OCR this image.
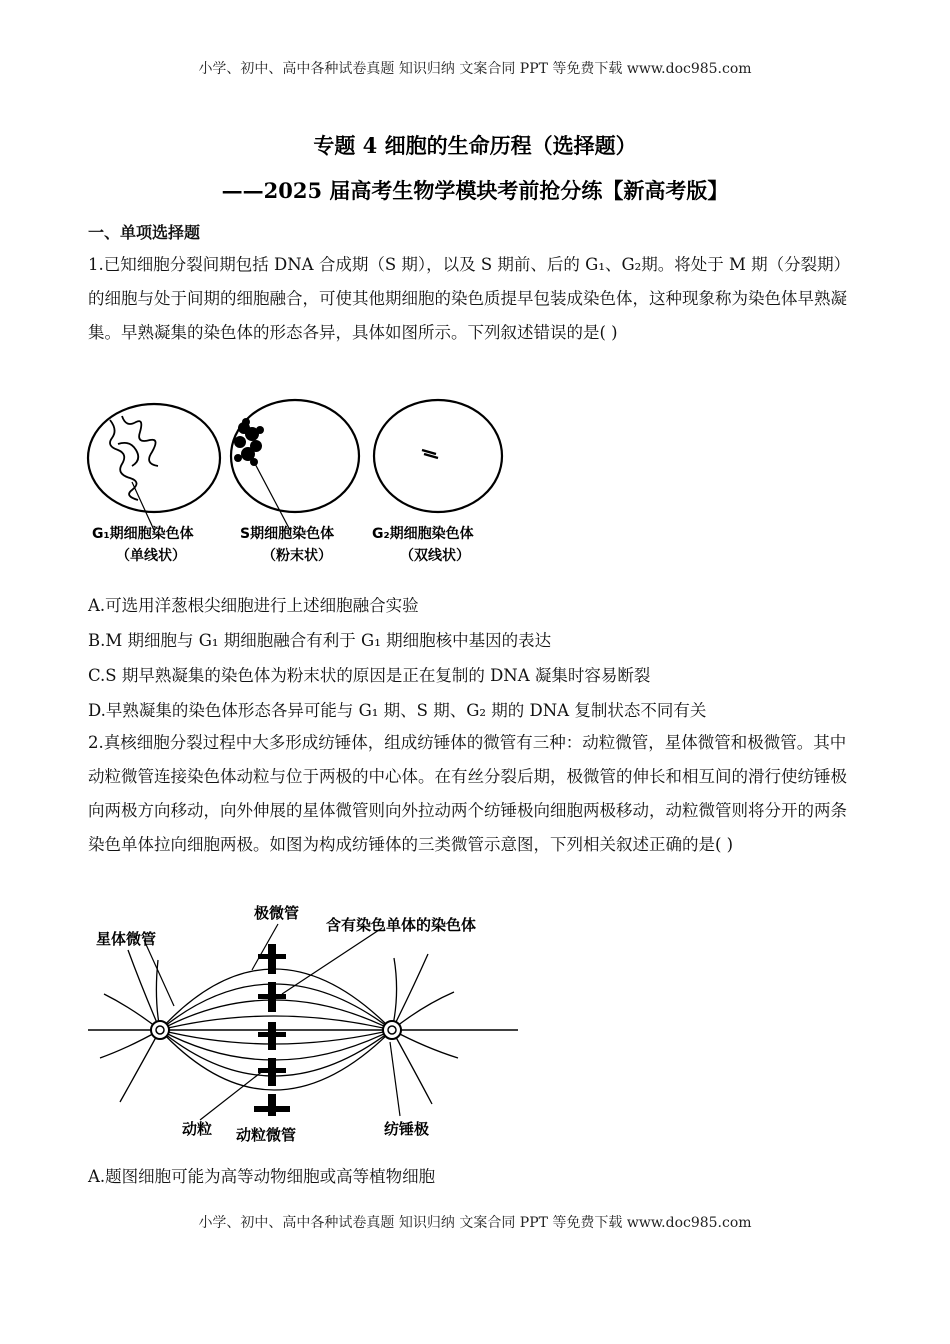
小学、初中、高中各种试卷真题 知识归纳 文案合同 PPT 等免费下载 www.doc985.com
专题 4 细胞的生命历程（选择题）
——2025 届高考生物学模块考前抢分练【新高考版】
一、单项选择题

1.已知细胞分裂间期包括 DNA 合成期（S 期），以及 S 期前、后的 G₁、G₂期。将处于 M 期（分裂期）的细胞与处于间期的细胞融合，可使其他期细胞的染色质提早包装成染色体，这种现象称为染色体早熟凝集。早熟凝集的染色体的形态各异，具体如图所示。下列叙述错误的是( )

G₁期细胞染色体
（单线状）
S期细胞染色体
（粉末状）
G₂期细胞染色体
（双线状）
A.可选用洋葱根尖细胞进行上述细胞融合实验
B.M 期细胞与 G₁ 期细胞融合有利于 G₁ 期细胞核中基因的表达
C.S 期早熟凝集的染色体为粉末状的原因是正在复制的 DNA 凝集时容易断裂
D.早熟凝集的染色体形态各异可能与 G₁ 期、S 期、G₂ 期的 DNA 复制状态不同有关

2.真核细胞分裂过程中大多形成纺锤体，组成纺锤体的微管有三种：动粒微管，星体微管和极微管。其中动粒微管连接染色体动粒与位于两极的中心体。在有丝分裂后期，极微管的伸长和相互间的滑行使纺锤极向两极方向移动，向外伸展的星体微管则向外拉动两个纺锤极向细胞两极移动，动粒微管则将分开的两条染色单体拉向细胞两极。如图为构成纺锤体的三类微管示意图，下列相关叙述正确的是( )

星体微管
极微管
含有染色单体的染色体
动粒 动粒微管	纺锤极
A.题图细胞可能为高等动物细胞或高等植物细胞
小学、初中、高中各种试卷真题 知识归纳 文案合同 PPT 等免费下载 www.doc985.com
